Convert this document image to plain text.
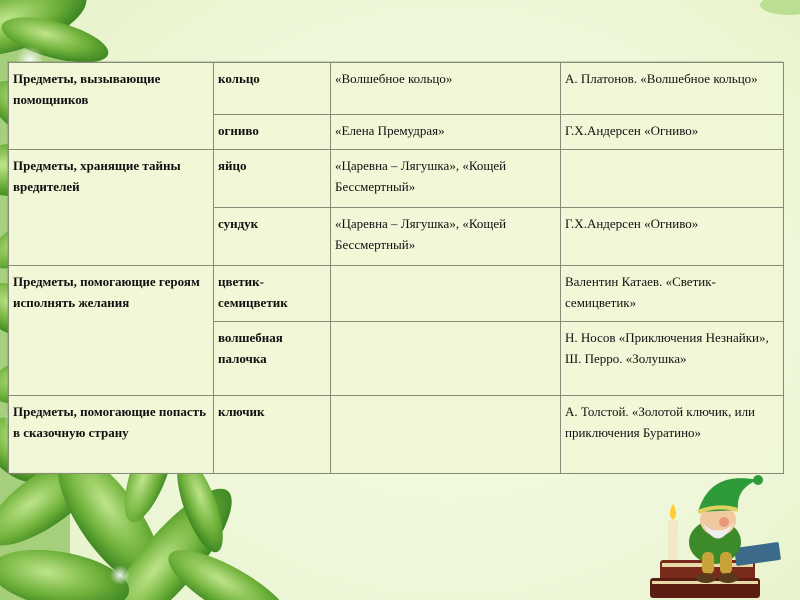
Предметы, вызывающие помощников	кольцо	«Волшебное кольцо»	А. Платонов. «Волшебное кольцо»
	огниво	«Елена Премудрая»	Г.Х.Андерсен «Огниво»
Предметы, хранящие тайны вредителей	яйцо	«Царевна – Лягушка», «Кощей Бессмертный»	
	сундук	«Царевна – Лягушка», «Кощей Бессмертный»	Г.Х.Андерсен «Огниво»
Предметы, помогающие героям исполнять желания	цветик-семицветик		Валентин Катаев. «Светик-семицветик»
	волшебная палочка		Н. Носов «Приключения Незнайки», Ш. Перро. «Золушка»
Предметы, помогающие попасть в сказочную страну	ключик		А. Толстой. «Золотой ключик, или приключения Буратино»
